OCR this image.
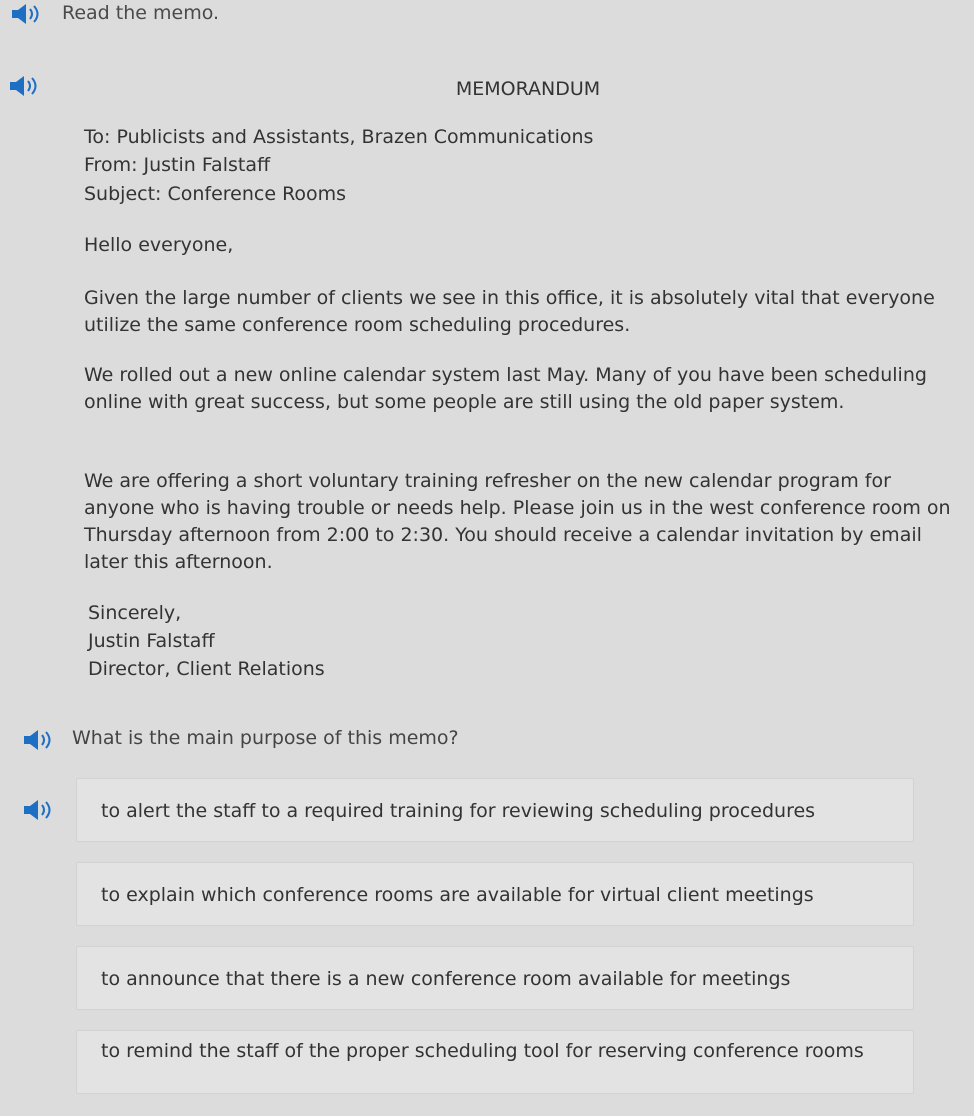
Read the memo.
MEMORANDUM
To: Publicists and Assistants, Brazen Communications
From: Justin Falstaff
Subject: Conference Rooms

Hello everyone,

Given the large number of clients we see in this office, it is absolutely vital that everyone utilize the same conference room scheduling procedures.

We rolled out a new online calendar system last May. Many of you have been scheduling online with great success, but some people are still using the old paper system.

We are offering a short voluntary training refresher on the new calendar program for anyone who is having trouble or needs help. Please join us in the west conference room on Thursday afternoon from 2:00 to 2:30. You should receive a calendar invitation by email later this afternoon.

Sincerely,

Justin Falstaff

Director, Client Relations

What is the main purpose of this memo?
to alert the staff to a required training for reviewing scheduling procedures
to explain which conference rooms are available for virtual client meetings
to announce that there is a new conference room available for meetings
to remind the staff of the proper scheduling tool for reserving conference rooms
